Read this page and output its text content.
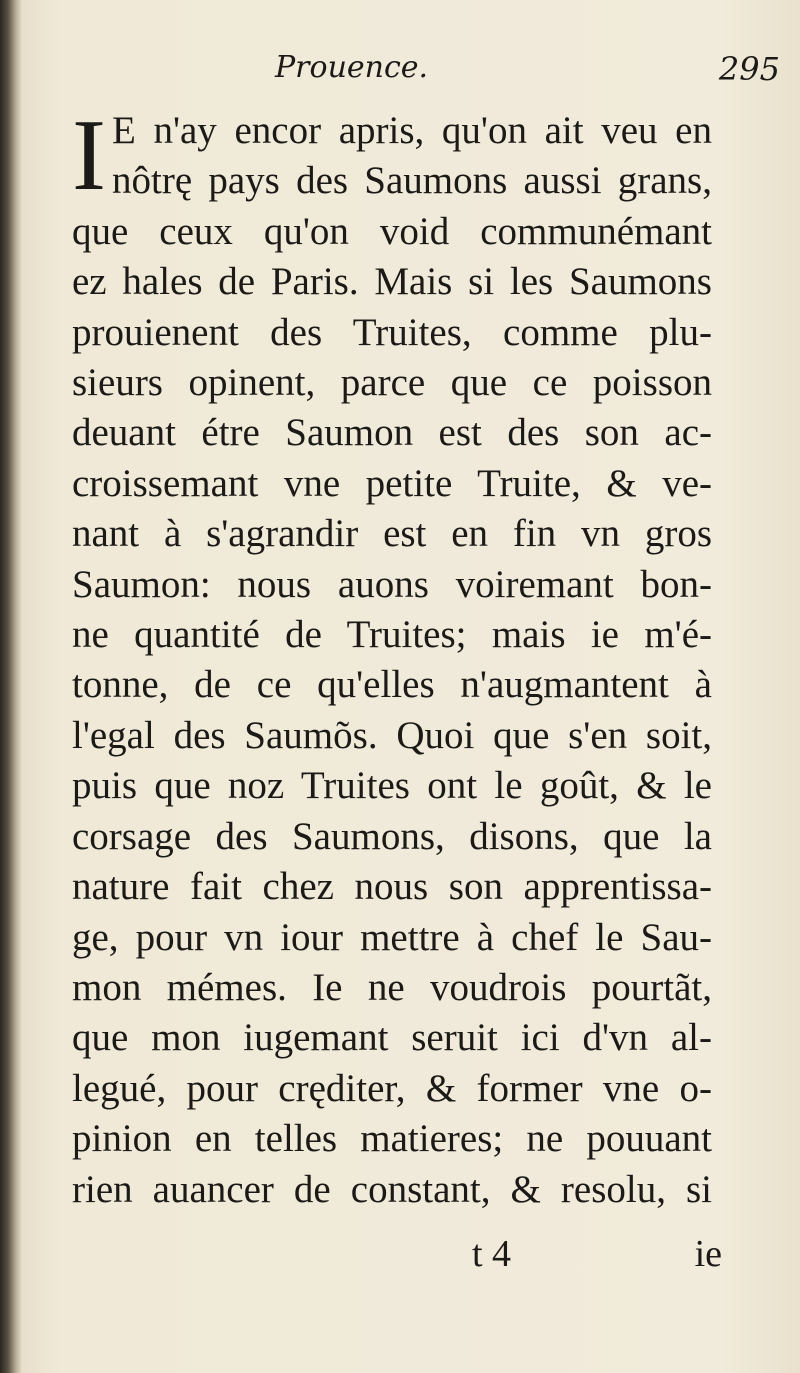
Prouence.	295
I E n'ay encor apris, qu'on ait veu en
nôtrę pays des Saumons aussi grans,
que ceux qu'on void communémant
ez hales de Paris. Mais si les Saumons
prouienent des Truites, comme plu-
sieurs opinent, parce que ce poisson
deuant étre Saumon est des son ac-
croissemant vne petite Truite, & ve-
nant à s'agrandir est en fin vn gros
Saumon: nous auons voiremant bon-
ne quantité de Truites; mais ie m'é-
tonne, de ce qu'elles n'augmantent à
l'egal des Saumõs. Quoi que s'en soit,
puis que noz Truites ont le goût, & le
corsage des Saumons, disons, que la
nature fait chez nous son apprentissa-
ge, pour vn iour mettre à chef le Sau-
mon mémes. Ie ne voudrois pourtãt,
que mon iugemant seruit ici d'vn al-
legué, pour cręditer, & former vne o-
pinion en telles matieres; ne pouuant
rien auancer de constant, & resolu, si
t 4	ie
